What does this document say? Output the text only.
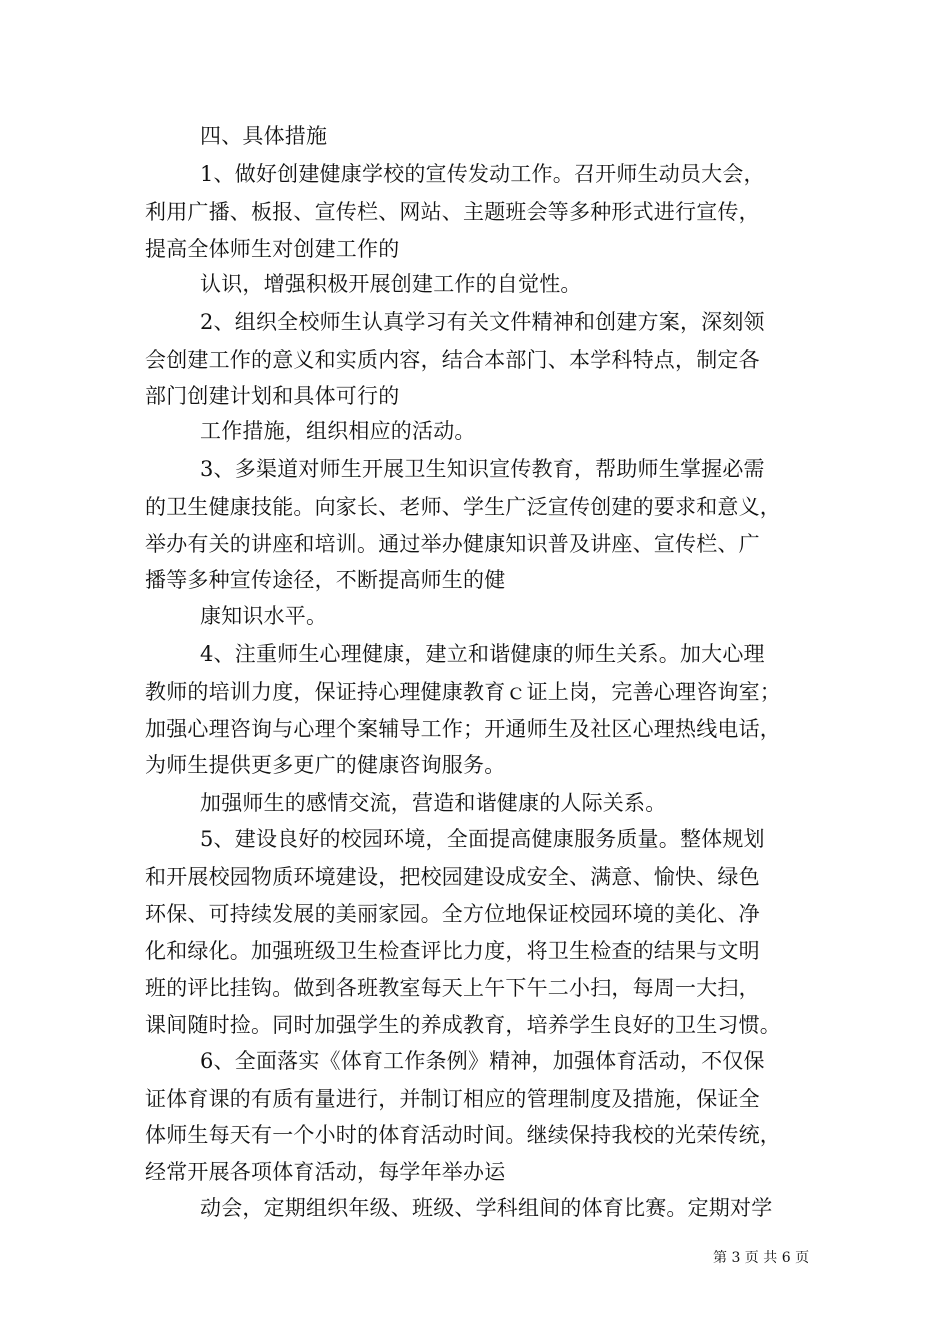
四、具体措施
1、做好创建健康学校的宣传发动工作。召开师生动员大会，
利用广播、板报、宣传栏、网站、主题班会等多种形式进行宣传，
提高全体师生对创建工作的
认识，增强积极开展创建工作的自觉性。
2、组织全校师生认真学习有关文件精神和创建方案，深刻领
会创建工作的意义和实质内容，结合本部门、本学科特点，制定各
部门创建计划和具体可行的
工作措施，组织相应的活动。
3、多渠道对师生开展卫生知识宣传教育，帮助师生掌握必需
的卫生健康技能。向家长、老师、学生广泛宣传创建的要求和意义，
举办有关的讲座和培训。通过举办健康知识普及讲座、宣传栏、广
播等多种宣传途径，不断提高师生的健
康知识水平。
4、注重师生心理健康，建立和谐健康的师生关系。加大心理
教师的培训力度，保证持心理健康教育ｃ证上岗，完善心理咨询室；
加强心理咨询与心理个案辅导工作；开通师生及社区心理热线电话，
为师生提供更多更广的健康咨询服务。
加强师生的感情交流，营造和谐健康的人际关系。
5、建设良好的校园环境，全面提高健康服务质量。整体规划
和开展校园物质环境建设，把校园建设成安全、满意、愉快、绿色
环保、可持续发展的美丽家园。全方位地保证校园环境的美化、净
化和绿化。加强班级卫生检查评比力度，将卫生检查的结果与文明
班的评比挂钩。做到各班教室每天上午下午二小扫，每周一大扫，
课间随时捡。同时加强学生的养成教育，培养学生良好的卫生习惯。
6、全面落实《体育工作条例》精神，加强体育活动，不仅保
证体育课的有质有量进行，并制订相应的管理制度及措施，保证全
体师生每天有一个小时的体育活动时间。继续保持我校的光荣传统，
经常开展各项体育活动，每学年举办运
动会，定期组织年级、班级、学科组间的体育比赛。定期对学
第 3 页 共 6 页
